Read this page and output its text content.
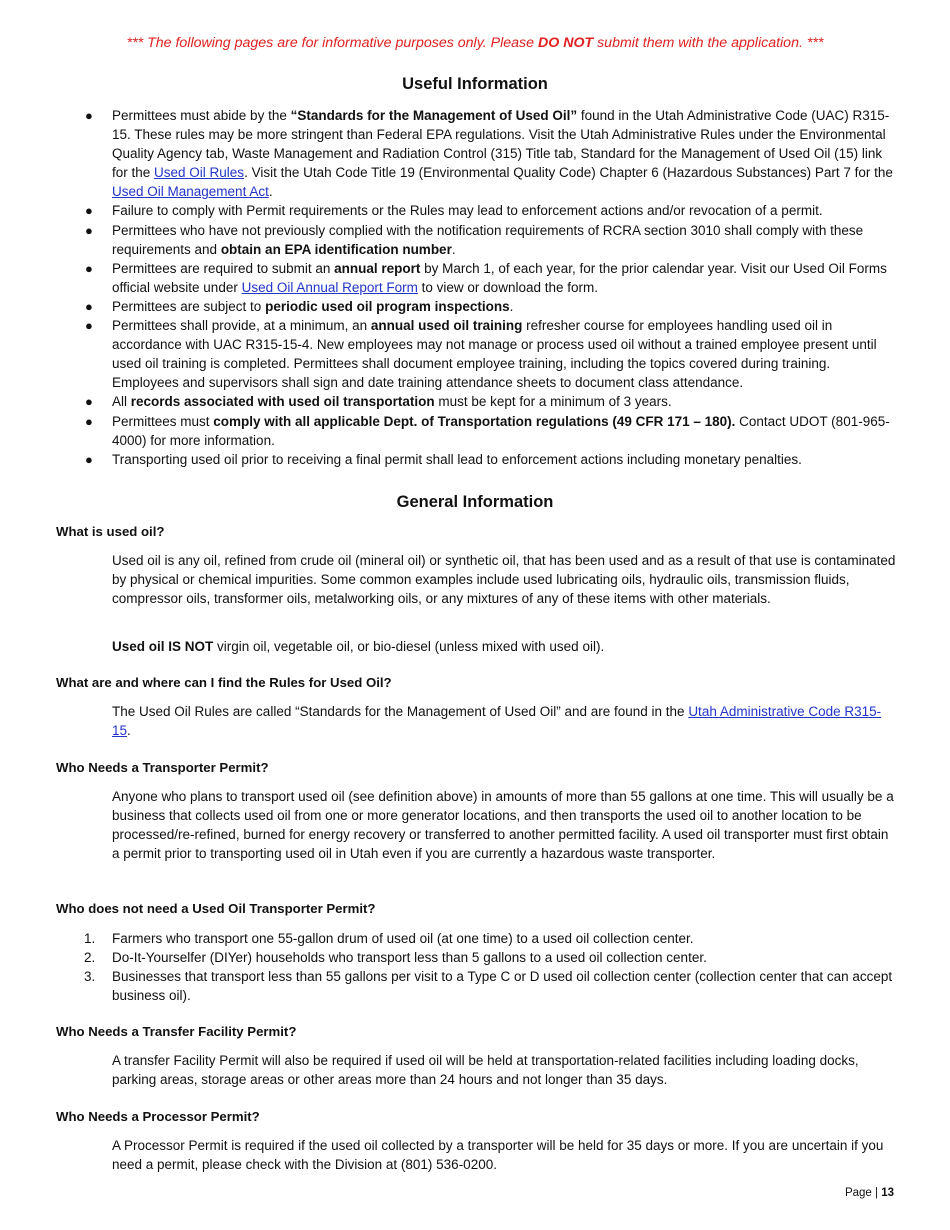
*** The following pages are for informative purposes only. Please DO NOT submit them with the application. ***
Useful Information
● Permittees must abide by the “Standards for the Management of Used Oil” found in the Utah Administrative Code (UAC) R315-15. These rules may be more stringent than Federal EPA regulations. Visit the Utah Administrative Rules under the Environmental Quality Agency tab, Waste Management and Radiation Control (315) Title tab, Standard for the Management of Used Oil (15) link for the Used Oil Rules. Visit the Utah Code Title 19 (Environmental Quality Code) Chapter 6 (Hazardous Substances) Part 7 for the Used Oil Management Act.
● Failure to comply with Permit requirements or the Rules may lead to enforcement actions and/or revocation of a permit.
● Permittees who have not previously complied with the notification requirements of RCRA section 3010 shall comply with these requirements and obtain an EPA identification number.
● Permittees are required to submit an annual report by March 1, of each year, for the prior calendar year. Visit our Used Oil Forms official website under Used Oil Annual Report Form to view or download the form.
● Permittees are subject to periodic used oil program inspections.
● Permittees shall provide, at a minimum, an annual used oil training refresher course for employees handling used oil in accordance with UAC R315-15-4. New employees may not manage or process used oil without a trained employee present until used oil training is completed. Permittees shall document employee training, including the topics covered during training. Employees and supervisors shall sign and date training attendance sheets to document class attendance.
● All records associated with used oil transportation must be kept for a minimum of 3 years.
● Permittees must comply with all applicable Dept. of Transportation regulations (49 CFR 171 – 180). Contact UDOT (801-965-4000) for more information.
● Transporting used oil prior to receiving a final permit shall lead to enforcement actions including monetary penalties.
General Information
What is used oil?

Used oil is any oil, refined from crude oil (mineral oil) or synthetic oil, that has been used and as a result of that use is contaminated by physical or chemical impurities. Some common examples include used lubricating oils, hydraulic oils, transmission fluids, compressor oils, transformer oils, metalworking oils, or any mixtures of any of these items with other materials.

Used oil IS NOT virgin oil, vegetable oil, or bio-diesel (unless mixed with used oil).

What are and where can I find the Rules for Used Oil?

The Used Oil Rules are called “Standards for the Management of Used Oil” and are found in the Utah Administrative Code R315-15.

Who Needs a Transporter Permit?

Anyone who plans to transport used oil (see definition above) in amounts of more than 55 gallons at one time. This will usually be a business that collects used oil from one or more generator locations, and then transports the used oil to another location to be processed/re-refined, burned for energy recovery or transferred to another permitted facility. A used oil transporter must first obtain a permit prior to transporting used oil in Utah even if you are currently a hazardous waste transporter.

Who does not need a Used Oil Transporter Permit?
1. Farmers who transport one 55-gallon drum of used oil (at one time) to a used oil collection center.
2. Do-It-Yourselfer (DIYer) households who transport less than 5 gallons to a used oil collection center.
3. Businesses that transport less than 55 gallons per visit to a Type C or D used oil collection center (collection center that can accept business oil).
Who Needs a Transfer Facility Permit?

A transfer Facility Permit will also be required if used oil will be held at transportation-related facilities including loading docks, parking areas, storage areas or other areas more than 24 hours and not longer than 35 days.

Who Needs a Processor Permit?

A Processor Permit is required if the used oil collected by a transporter will be held for 35 days or more. If you are uncertain if you need a permit, please check with the Division at (801) 536-0200.

Page | 13
